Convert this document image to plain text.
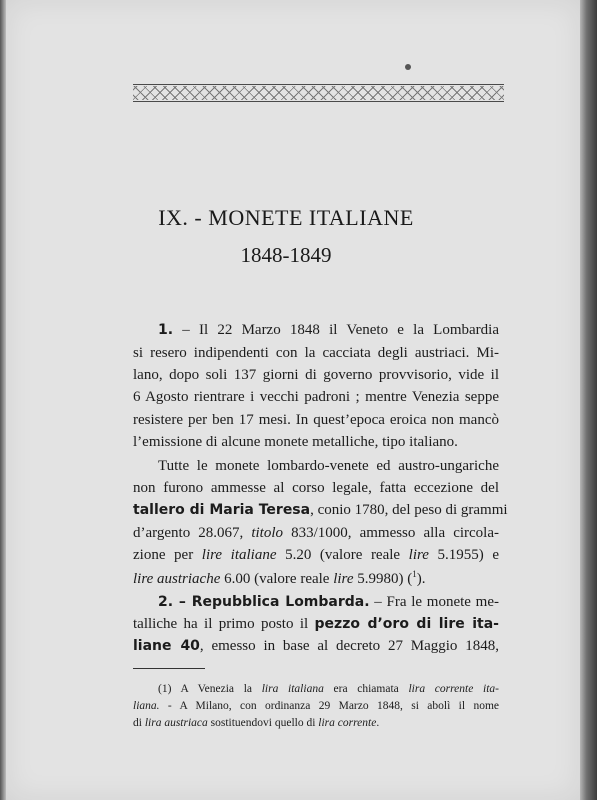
IX. - MONETE ITALIANE
1848-1849
1. – Il 22 Marzo 1848 il Veneto e la Lombardia
si resero indipendenti con la cacciata degli austriaci. Mi-
lano, dopo soli 137 giorni di governo provvisorio, vide il
6 Agosto rientrare i vecchi padroni ; mentre Venezia seppe
resistere per ben 17 mesi. In quest’epoca eroica non mancò
l’emissione di alcune monete metalliche, tipo italiano.
Tutte le monete lombardo-venete ed austro-ungariche
non furono ammesse al corso legale, fatta eccezione del
tallero di Maria Teresa, conio 1780, del peso di grammi
d’argento 28.067, titolo 833/1000, ammesso alla circola-
zione per lire italiane 5.20 (valore reale lire 5.1955) e
lire austriache 6.00 (valore reale lire 5.9980) ($^1$).
2. – Repubblica Lombarda. – Fra le monete me-
talliche ha il primo posto il pezzo d’oro di lire ita-
liane 40, emesso in base al decreto 27 Maggio 1848,
(1) A Venezia la lira italiana era chiamata lira corrente ita-
liana. - A Milano, con ordinanza 29 Marzo 1848, si abolì il nome
di lira austriaca sostituendovi quello di lira corrente.
